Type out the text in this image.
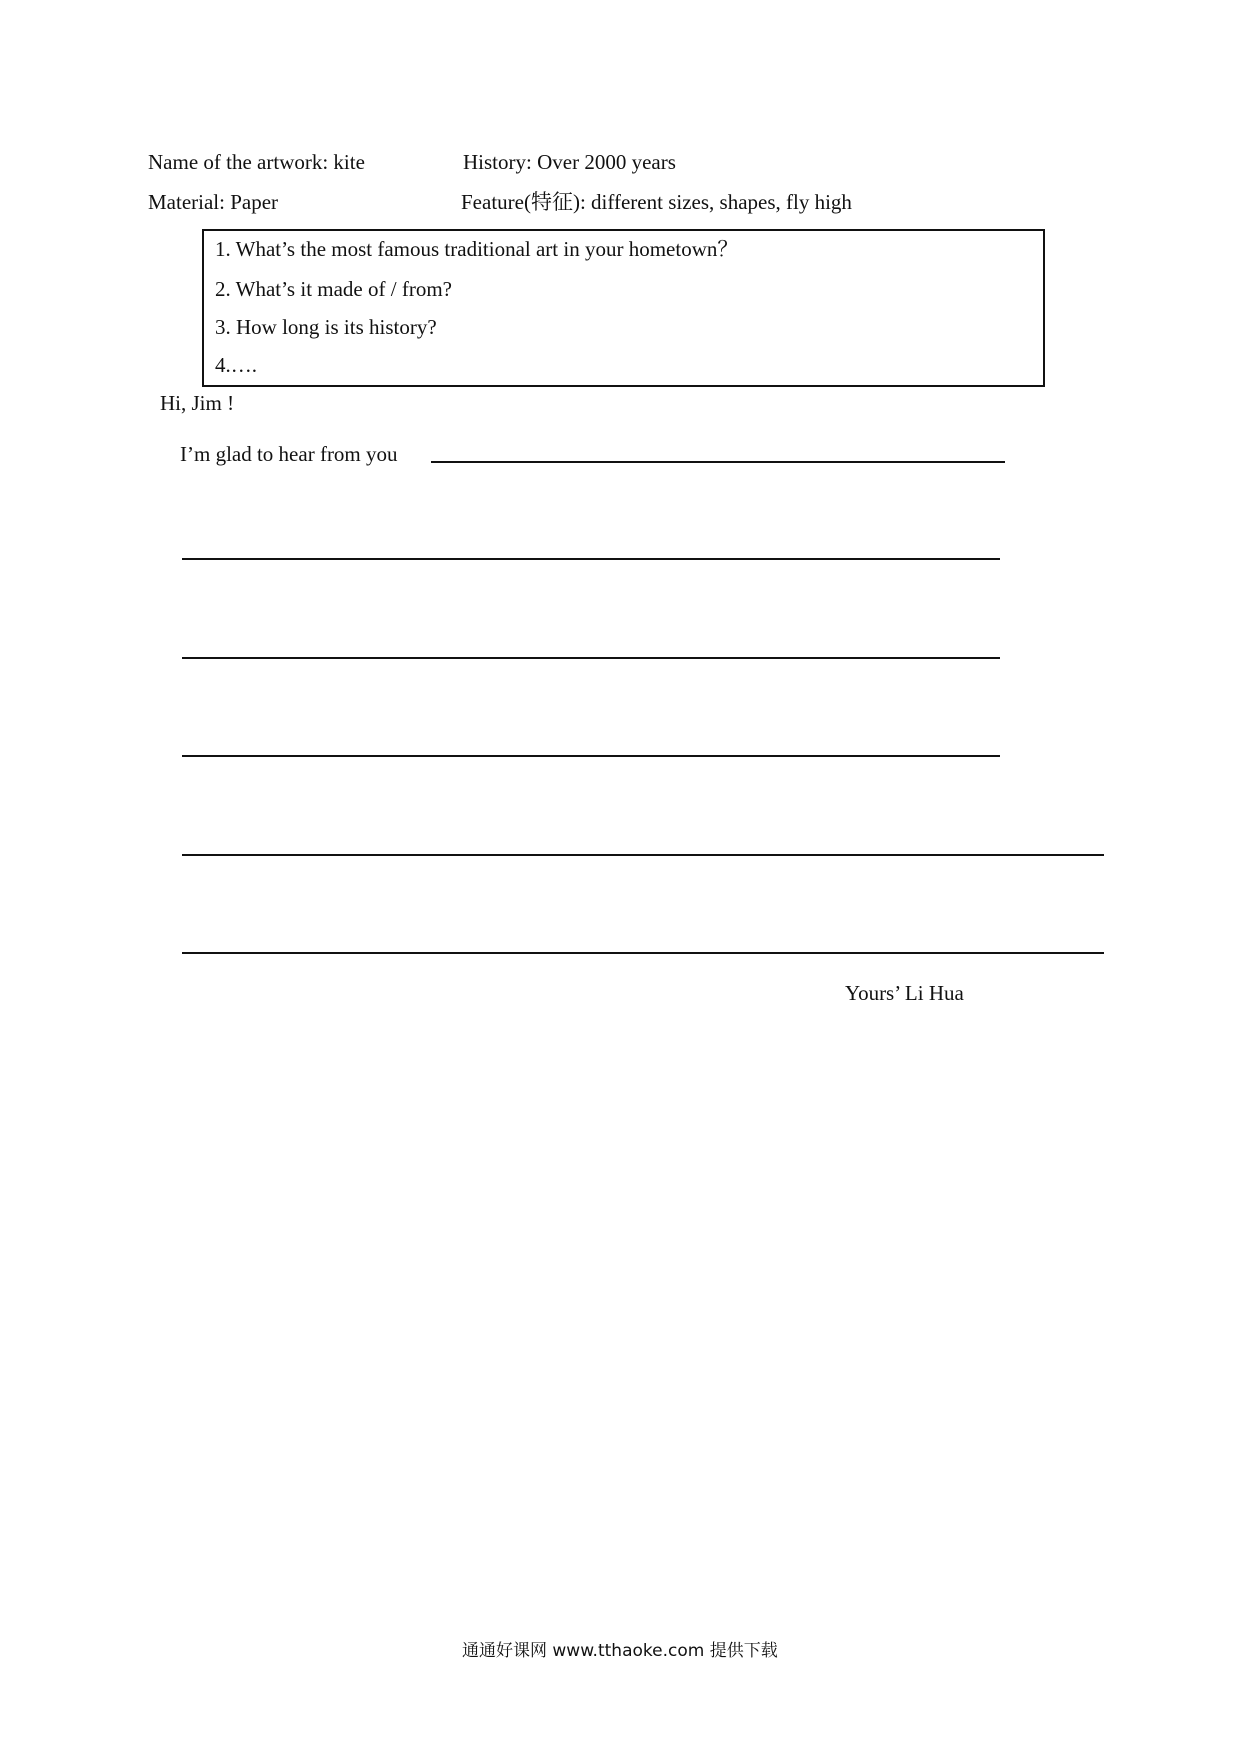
Name of the artwork: kite	History: Over 2000 years
Material: Paper	Feature(特征): different sizes, shapes, fly high
1. What’s the most famous traditional art in your hometown？
2. What’s it made of / from?
3. How long is its history?
4.….
Hi, Jim !
I’m glad to hear from you
Yours’ Li Hua
通通好课网 www.tthaoke.com 提供下载
